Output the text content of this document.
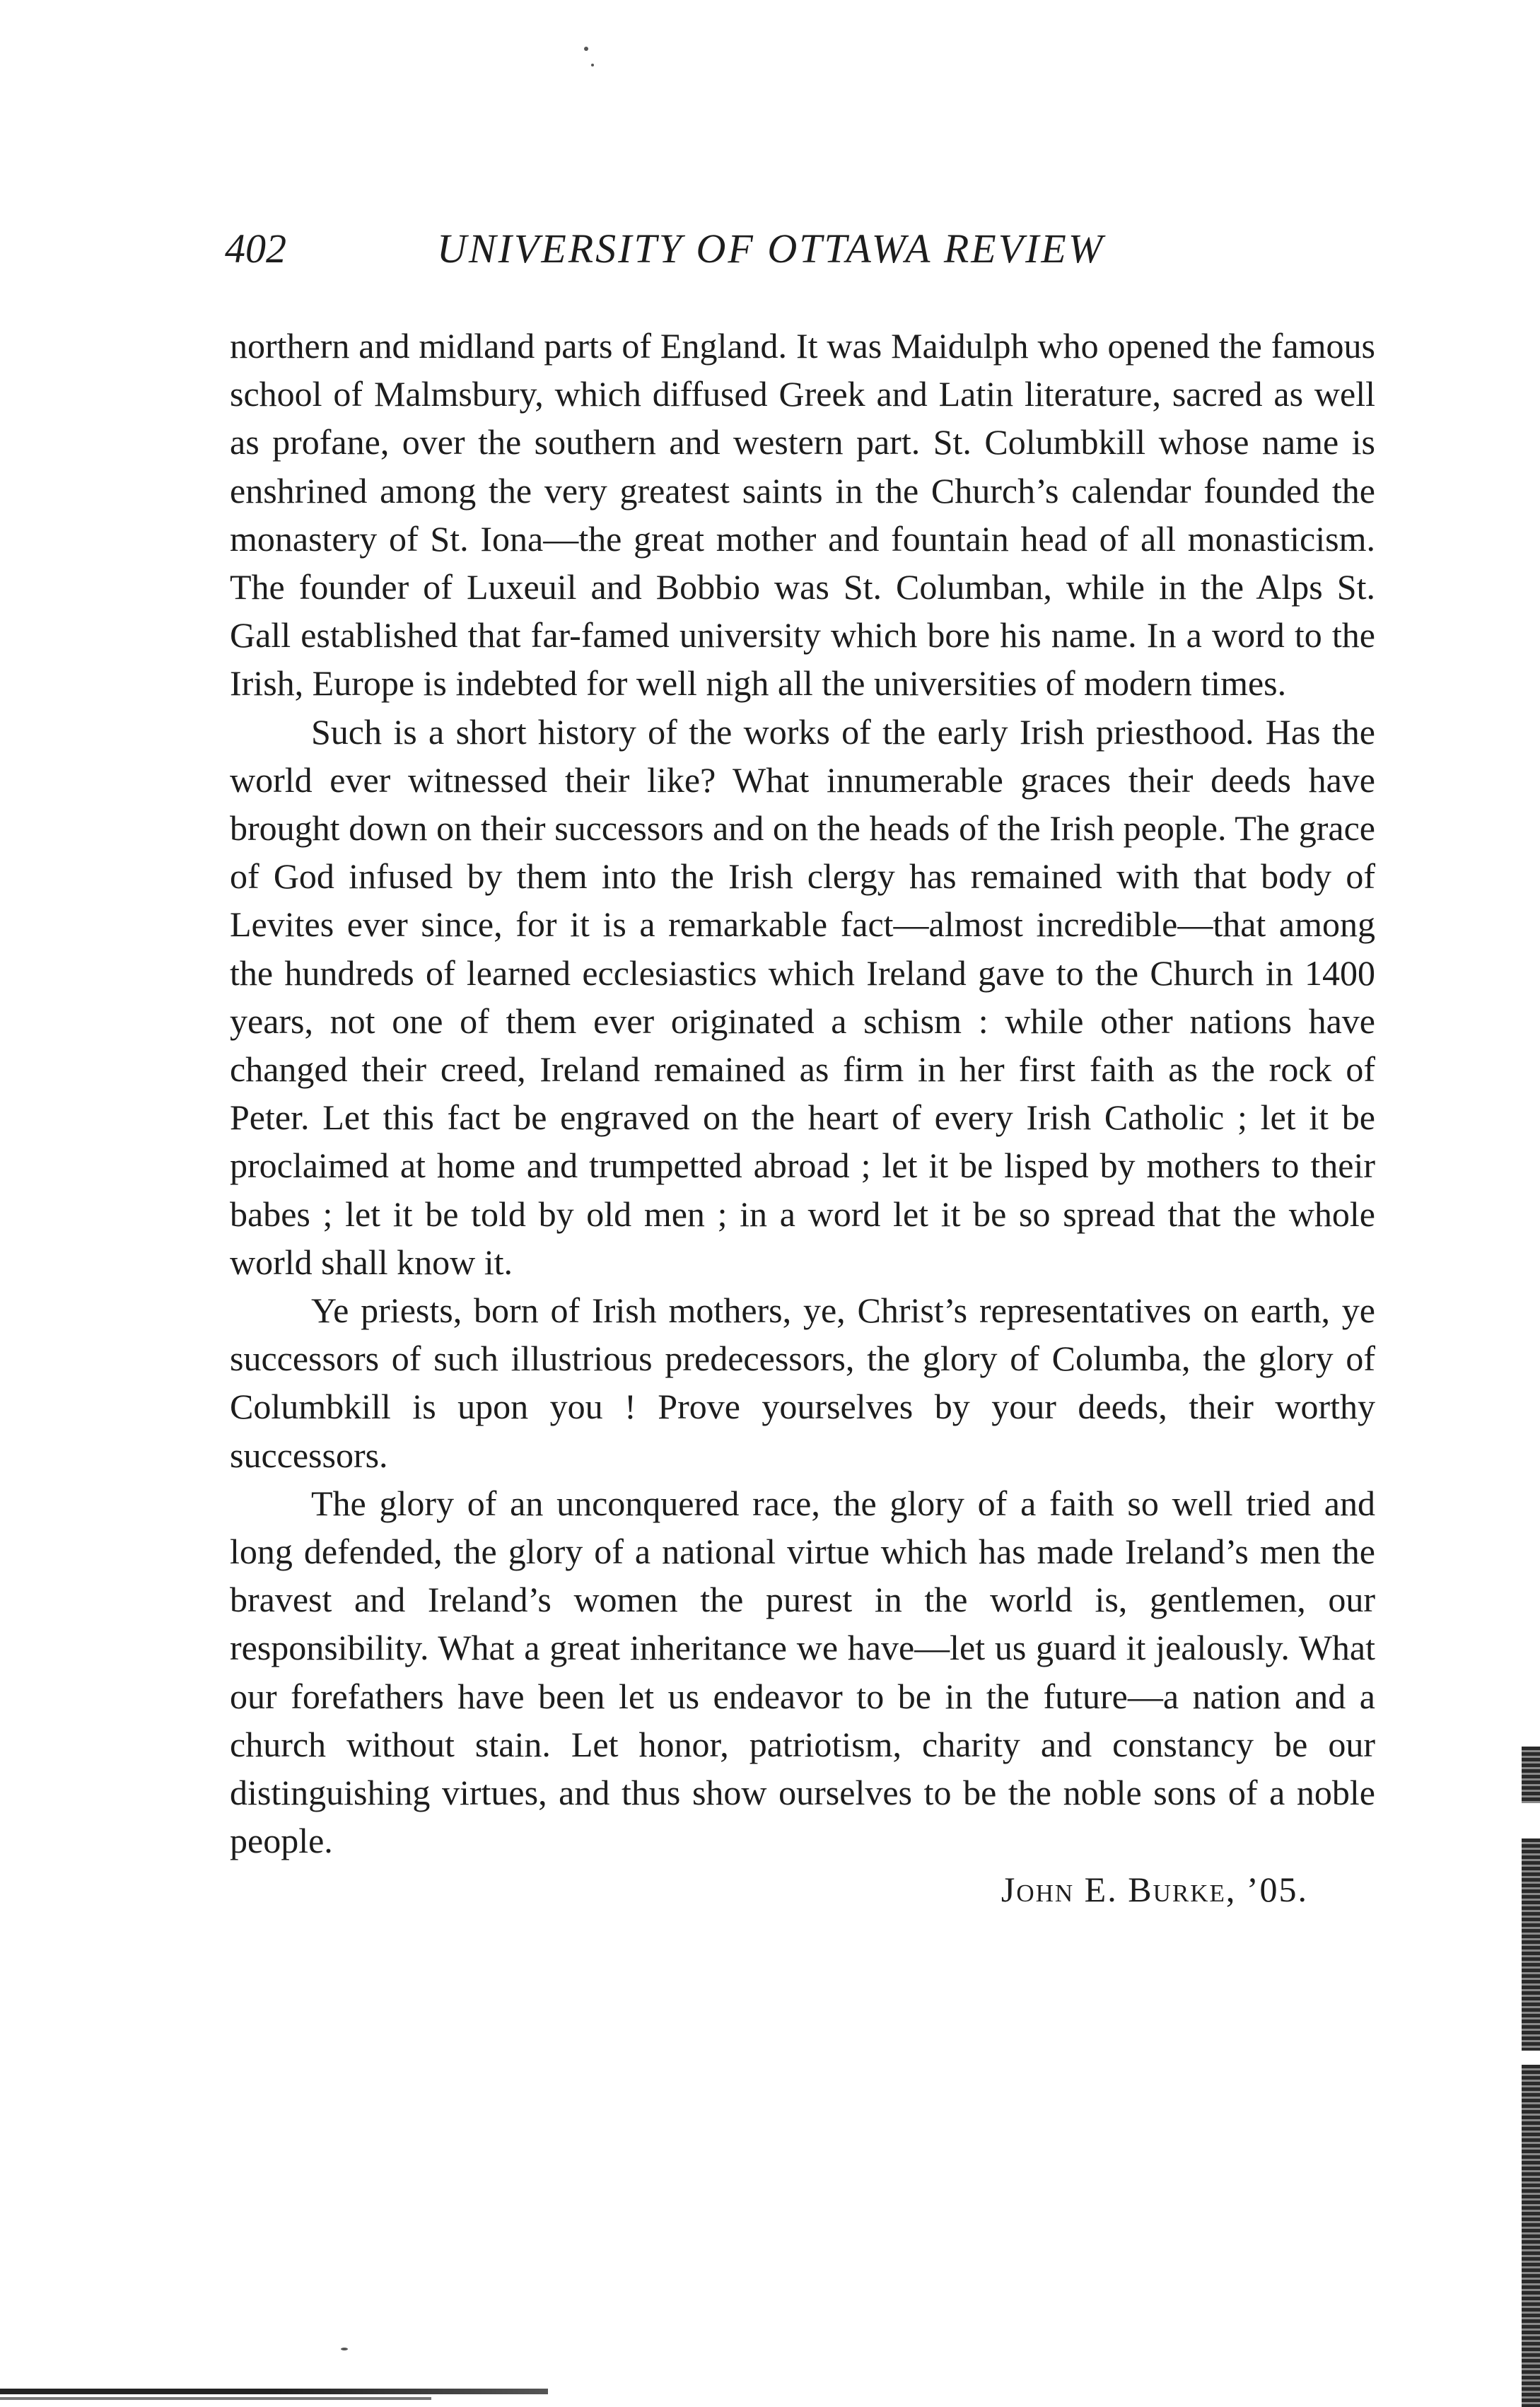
402	UNIVERSITY OF OTTAWA REVIEW

northern and midland parts of England. It was Maidulph who opened the famous school of Malmsbury, which diffused Greek and Latin literature, sacred as well as profane, over the southern and western part. St. Columbkill whose name is enshrined among the very greatest saints in the Church’s calendar founded the monastery of St. Iona—the great mother and fountain head of all monasticism. The founder of Luxeuil and Bobbio was St. Columban, while in the Alps St. Gall established that far-famed university which bore his name. In a word to the Irish, Europe is indebted for well nigh all the universities of modern times.

Such is a short history of the works of the early Irish priesthood. Has the world ever witnessed their like? What innumerable graces their deeds have brought down on their successors and on the heads of the Irish people. The grace of God infused by them into the Irish clergy has remained with that body of Levites ever since, for it is a remarkable fact—almost incredible—that among the hundreds of learned ecclesiastics which Ireland gave to the Church in 1400 years, not one of them ever originated a schism : while other nations have changed their creed, Ireland remained as firm in her first faith as the rock of Peter. Let this fact be engraved on the heart of every Irish Catholic ; let it be proclaimed at home and trumpetted abroad ; let it be lisped by mothers to their babes ; let it be told by old men ; in a word let it be so spread that the whole world shall know it.

Ye priests, born of Irish mothers, ye, Christ’s representatives on earth, ye successors of such illustrious predecessors, the glory of Columba, the glory of Columbkill is upon you ! Prove yourselves by your deeds, their worthy successors.

The glory of an unconquered race, the glory of a faith so well tried and long defended, the glory of a national virtue which has made Ireland’s men the bravest and Ireland’s women the purest in the world is, gentlemen, our responsibility. What a great inheritance we have—let us guard it jealously. What our forefathers have been let us endeavor to be in the future—a nation and a church without stain. Let honor, patriotism, charity and constancy be our distinguishing virtues, and thus show ourselves to be the noble sons of a noble people.

John E. Burke, ’05.
